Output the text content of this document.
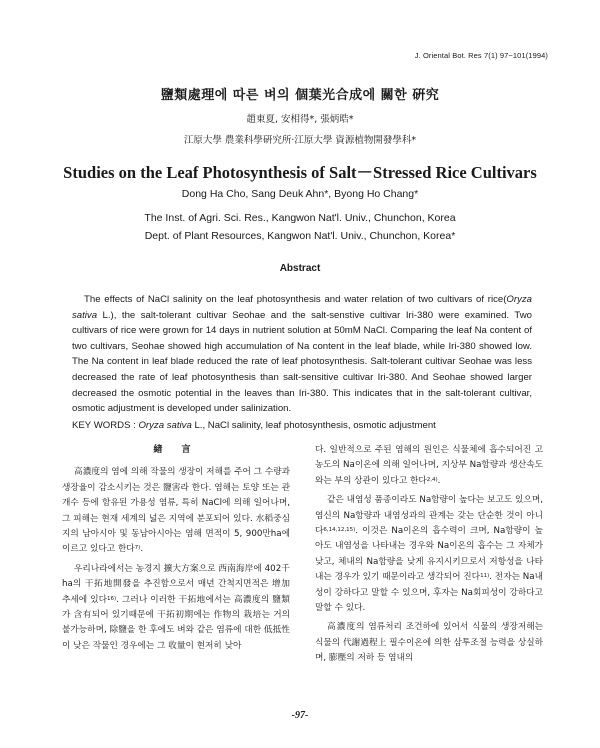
J. Oriental Bot. Res 7(1) 97~101(1994)
鹽類處理에 따른 벼의 個葉光合成에 關한 硏究
趙東夏, 安相得*, 張炳晧*
江原大學 農業科學硏究所·江原大學 資源植物開發學科*
Studies on the Leaf Photosynthesis of Salt－Stressed Rice Cultivars
Dong Ha Cho, Sang Deuk Ahn*, Byong Ho Chang*
The Inst. of Agri. Sci. Res., Kangwon Nat'l. Univ., Chunchon, Korea
Dept. of Plant Resources, Kangwon Nat'l. Univ., Chunchon, Korea*
Abstract
The effects of NaCl salinity on the leaf photosynthesis and water relation of two cultivars of rice(Oryza sativa L.), the salt-tolerant cultivar Seohae and the salt-senstive cultivar Iri-380 were examined. Two cultivars of rice were grown for 14 days in nutrient solution at 50mM NaCl. Comparing the leaf Na content of two cultivars, Seohae showed high accumulation of Na content in the leaf blade, while Iri-380 showed low. The Na content in leaf blade reduced the rate of leaf photosynthesis. Salt-tolerant cultivar Seohae was less decreased the rate of leaf photosynthesis than salt-sensitive cultivar Iri-380. And Seohae showed larger decreased the osmotic potential in the leaves than Iri-380. This indicates that in the salt-tolerant cultivar, osmotic adjustment is developed under salinization.
KEY WORDS : Oryza sativa L., NaCl salinity, leaf photosynthesis, osmotic adjustment
緖 言

高濃度의 염에 의해 작물의 생장이 저해를 주어 그 수량과 생장율이 감소시키는 것은 鹽害라 한다. 염해는 토양 또는 관개수 등에 함유된 가용성 염류, 특히 NaCl에 의해 일어나며, 그 피해는 현재 세계의 넓은 지역에 분포되어 있다. 水稻중심지의 남아시아 및 동남아시아는 염해 면적이 5, 900만ha에 이르고 있다고 한다$^{7)}$.

우리나라에서는 농경지 擴大方案으로 西南海岸에 402千ha의 干拓地開發을 추진함으로서 매년 간척지면적은 增加추세에 있다$^{16)}$. 그러나 이러한 干拓地에서는 高濃度의 鹽類가 含有되어 있기때문에 干拓初期에는 作物의 栽培는 거의 불가능하며, 除鹽을 한 후에도 벼와 같은 염류에 대한 低抵性이 낮은 작물인 경우에는 그 收量이 현저히 낮아

다. 일반적으로 주된 염해의 원인은 식물체에 흡수되어진 고농도의 Na이온에 의해 일어나며, 지상부 Na함량과 생산속도와는 부의 상관이 있다고 한다$^{2,4)}$.

같은 내염성 품종이라도 Na함량이 높다는 보고도 있으며, 염신의 Na함량과 내염성과의 관계는 갖는 단순한 것이 아니다$^{6,14,12,15)}$. 이것은 Na이온의 흡수력이 크며, Na함량이 높아도 내염성을 나타내는 경우와 Na이온의 흡수는 그 자체가 낮고, 체내의 Na함량을 낮게 유지시키므로서 저항성을 나타내는 경우가 있기 때문이라고 생각되어 진다$^{11)}$. 전자는 Na내성이 강하다고 말할 수 있으며, 후자는 Na회피성이 강하다고 말할 수 있다.

高濃度의 염류처리 조건하에 있어서 식물의 생장저해는 식물의 代謝過程上 필수이온에 의한 삼투조절 능력을 상실하며, 膨壓의 저하 등 염내의

-97-
